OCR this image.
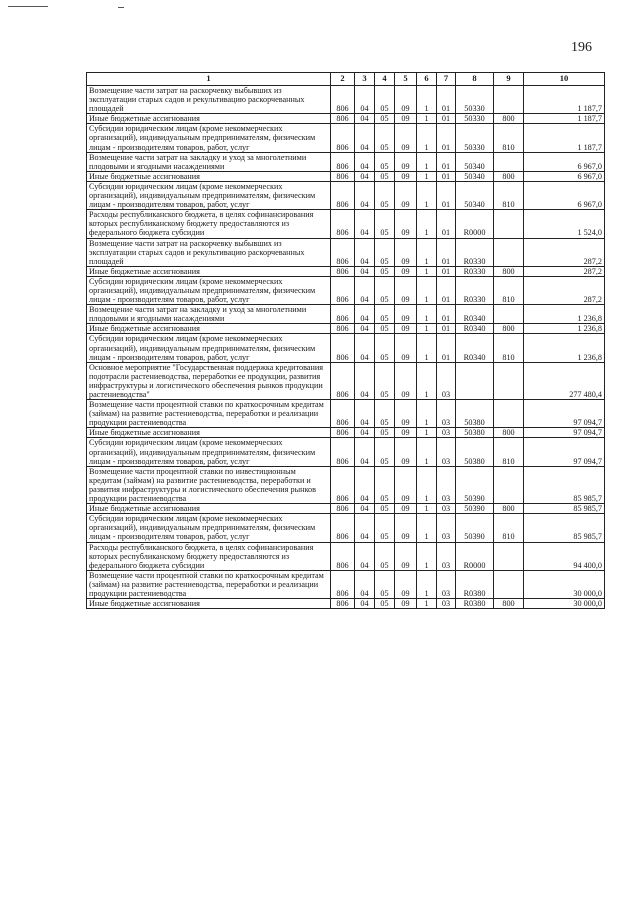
196
1	2	3	4	5	6	7	8	9	10
Возмещение части затрат на раскорчевку выбывших из эксплуатации старых садов и рекультивацию раскорчеванных площадей	806	04	05	09	1	01	50330		1 187,7
Иные бюджетные ассигнования	806	04	05	09	1	01	50330	800	1 187,7
Субсидии юридическим лицам (кроме некоммерческих организаций), индивидуальным предпринимателям, физическим лицам - производителям товаров, работ, услуг	806	04	05	09	1	01	50330	810	1 187,7
Возмещение части затрат на закладку и уход за многолетними плодовыми и ягодными насаждениями	806	04	05	09	1	01	50340		6 967,0
Иные бюджетные ассигнования	806	04	05	09	1	01	50340	800	6 967,0
Субсидии юридическим лицам (кроме некоммерческих организаций), индивидуальным предпринимателям, физическим лицам - производителям товаров, работ, услуг	806	04	05	09	1	01	50340	810	6 967,0
Расходы республиканского бюджета, в целях софинансирования которых республиканскому бюджету предоставляются из федерального бюджета субсидии	806	04	05	09	1	01	R0000		1 524,0
Возмещение части затрат на раскорчевку выбывших из эксплуатации старых садов и рекультивацию раскорчеванных площадей	806	04	05	09	1	01	R0330		287,2
Иные бюджетные ассигнования	806	04	05	09	1	01	R0330	800	287,2
Субсидии юридическим лицам (кроме некоммерческих организаций), индивидуальным предпринимателям, физическим лицам - производителям товаров, работ, услуг	806	04	05	09	1	01	R0330	810	287,2
Возмещение части затрат на закладку и уход за многолетними плодовыми и ягодными насаждениями	806	04	05	09	1	01	R0340		1 236,8
Иные бюджетные ассигнования	806	04	05	09	1	01	R0340	800	1 236,8
Субсидии юридическим лицам (кроме некоммерческих организаций), индивидуальным предпринимателям, физическим лицам - производителям товаров, работ, услуг	806	04	05	09	1	01	R0340	810	1 236,8
Основное мероприятие "Государственная поддержка кредитования подотрасли растениеводства, переработки ее продукции, развития инфраструктуры и логистического обеспечения рынков продукции растениеводства"	806	04	05	09	1	03			277 480,4
Возмещение части процентной ставки по краткосрочным кредитам (займам) на развитие растениеводства, переработки и реализации продукции растениеводства	806	04	05	09	1	03	50380		97 094,7
Иные бюджетные ассигнования	806	04	05	09	1	03	50380	800	97 094,7
Субсидии юридическим лицам (кроме некоммерческих организаций), индивидуальным предпринимателям, физическим лицам - производителям товаров, работ, услуг	806	04	05	09	1	03	50380	810	97 094,7
Возмещение части процентной ставки по инвестиционным кредитам (займам) на развитие растениеводства, переработки и развития инфраструктуры и логистического обеспечения рынков продукции растениеводства	806	04	05	09	1	03	50390		85 985,7
Иные бюджетные ассигнования	806	04	05	09	1	03	50390	800	85 985,7
Субсидии юридическим лицам (кроме некоммерческих организаций), индивидуальным предпринимателям, физическим лицам - производителям товаров, работ, услуг	806	04	05	09	1	03	50390	810	85 985,7
Расходы республиканского бюджета, в целях софинансирования которых республиканскому бюджету предоставляются из федерального бюджета субсидии	806	04	05	09	1	03	R0000		94 400,0
Возмещение части процентной ставки по краткосрочным кредитам (займам) на развитие растениеводства, переработки и реализации продукции растениеводства	806	04	05	09	1	03	R0380		30 000,0
Иные бюджетные ассигнования	806	04	05	09	1	03	R0380	800	30 000,0
